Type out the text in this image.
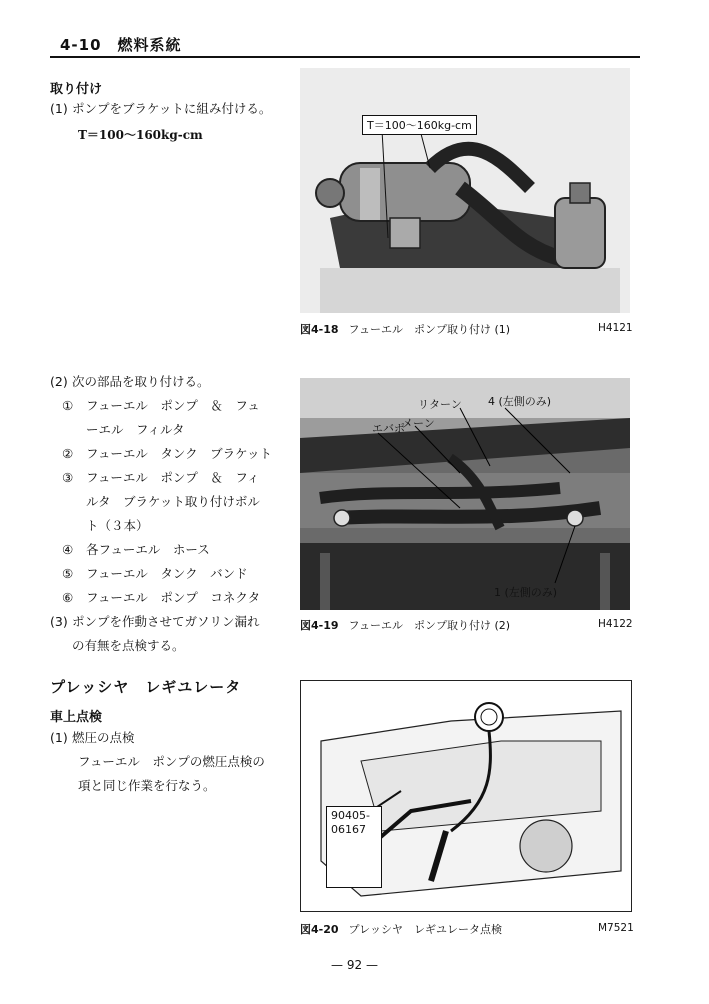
4-10　燃料系統
取り付け
(1) ポンプをブラケットに組み付ける。
T＝100〜160kg-cm
(2) 次の部品を取り付ける。
① フューエル　ポンプ　＆　フュ
ーエル　フィルタ
② フューエル　タンク　ブラケット
③ フューエル　ポンプ　＆　フィ
ルタ　ブラケット取り付けボル
ト（３本）
④ 各フューエル　ホース
⑤ フューエル　タンク　バンド
⑥ フューエル　ポンプ　コネクタ
(3) ポンプを作動させてガソリン漏れ
の有無を点検する。
プレッシヤ　レギユレータ
車上点検
(1) 燃圧の点検
フューエル　ポンプの燃圧点検の
項と同じ作業を行なう。
T＝100〜160kg-cm
図4-18 フューエル　ポンプ取り付け (1)	H4121
リターン 4 (左側のみ)
エバポ
メーン
1 (左側のみ)
図4-19 フューエル　ポンプ取り付け (2)	H4122
90405-
06167
図4-20 プレッシヤ　レギユレータ点検	M7521
— 92 —
